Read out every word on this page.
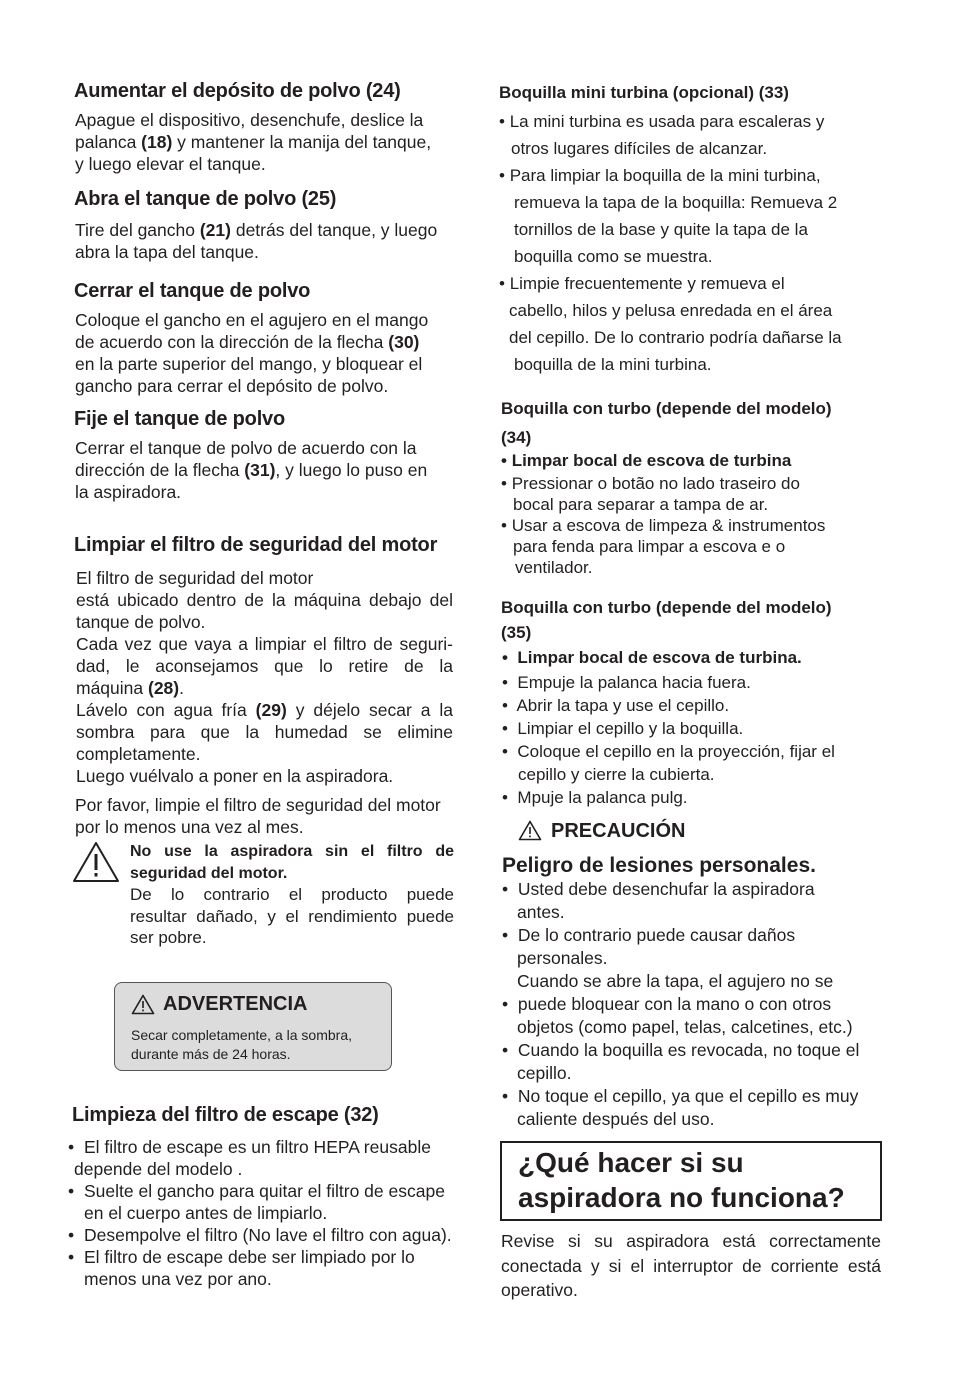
Aumentar el depósito de polvo (24)
Apague el dispositivo, desenchufe, deslice la
palanca (18) y mantener la manija del tanque,
y luego elevar el tanque.
Abra el tanque de polvo (25)
Tire del gancho (21) detrás del tanque, y luego
abra la tapa del tanque.
Cerrar el tanque de polvo
Coloque el gancho en el agujero en el mango
de acuerdo con la dirección de la flecha (30)
en la parte superior del mango, y bloquear el
gancho para cerrar el depósito de polvo.
Fije el tanque de polvo
Cerrar el tanque de polvo de acuerdo con la
dirección de la flecha (31), y luego lo puso en
la aspiradora.
Limpiar el filtro de seguridad del motor
El filtro de seguridad del motor
está ubicado dentro de la máquina debajo del
tanque de polvo.
Cada vez que vaya a limpiar el filtro de seguri-
dad, le aconsejamos que lo retire de la
máquina (28).
Lávelo con agua fría (29) y déjelo secar a la
sombra para que la humedad se elimine
completamente.
Luego vuélvalo a poner en la aspiradora.
Por favor, limpie el filtro de seguridad del motor
por lo menos una vez al mes.
No use la aspiradora sin el filtro de
seguridad del motor.
De lo contrario el producto puede
resultar dañado, y el rendimiento puede
ser pobre.
ADVERTENCIA
Secar completamente, a la sombra,
durante más de 24 horas.
Limpieza del filtro de escape (32)
• El filtro de escape es un filtro HEPA reusable
depende del modelo .
• Suelte el gancho para quitar el filtro de escape
en el cuerpo antes de limpiarlo.
• Desempolve el filtro (No lave el filtro con agua).
• El filtro de escape debe ser limpiado por lo
menos una vez por ano.
Boquilla mini turbina (opcional) (33)
• La mini turbina es usada para escaleras y
otros lugares difíciles de alcanzar.
• Para limpiar la boquilla de la mini turbina,
remueva la tapa de la boquilla: Remueva 2
tornillos de la base y quite la tapa de la
boquilla como se muestra.
• Limpie frecuentemente y remueva el
cabello, hilos y pelusa enredada en el área
del cepillo. De lo contrario podría dañarse la
boquilla de la mini turbina.
Boquilla con turbo (depende del modelo)
(34)
• Limpar bocal de escova de turbina
• Pressionar o botão no lado traseiro do
bocal para separar a tampa de ar.
• Usar a escova de limpeza & instrumentos
para fenda para limpar a escova e o
ventilador.
Boquilla con turbo (depende del modelo)
(35)
•  Limpar bocal de escova de turbina.
•  Empuje la palanca hacia fuera.
•  Abrir la tapa y use el cepillo.
•  Limpiar el cepillo y la boquilla.
•  Coloque el cepillo en la proyección, fijar el
cepillo y cierre la cubierta.
•  Mpuje la palanca pulg.
PRECAUCIÓN
Peligro de lesiones personales.
•  Usted debe desenchufar la aspiradora
antes.
•  De lo contrario puede causar daños
personales.
Cuando se abre la tapa, el agujero no se
•  puede bloquear con la mano o con otros
objetos (como papel, telas, calcetines, etc.)
•  Cuando la boquilla es revocada, no toque el
cepillo.
•  No toque el cepillo, ya que el cepillo es muy
caliente después del uso.
¿Qué hacer si su
aspiradora no funciona?
Revise si su aspiradora está correctamente
conectada y si el interruptor de corriente está
operativo.
